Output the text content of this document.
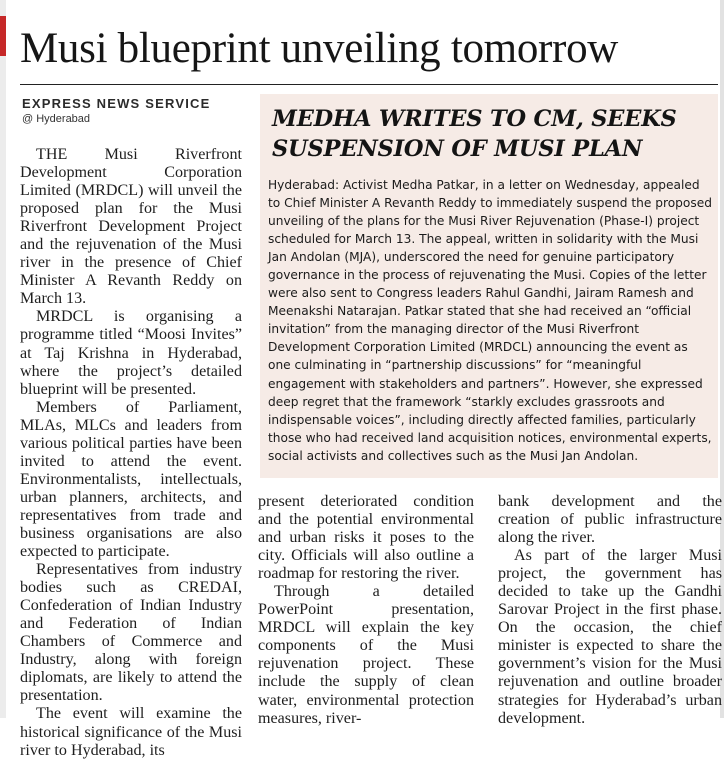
Musi blueprint unveiling tomorrow
EXPRESS NEWS SERVICE
@ Hyderabad

THE Musi Riverfront Development Corporation Limited (MRDCL) will unveil the proposed plan for the Musi Riverfront Development Project and the rejuvenation of the Musi river in the presence of Chief Minister A Revanth Reddy on March 13.

MRDCL is organising a programme titled “Moosi Invites” at Taj Krishna in Hyderabad, where the project’s detailed blueprint will be presented.

Members of Parliament, MLAs, MLCs and leaders from various political parties have been invited to attend the event. Environmentalists, intellectuals, urban planners, architects, and representatives from trade and business organisations are also expected to participate.

Representatives from industry bodies such as CREDAI, Confederation of Indian Industry and Federation of Indian Chambers of Commerce and Industry, along with foreign diplomats, are likely to attend the presentation.

The event will examine the historical significance of the Musi river to Hyderabad, its

MEDHA WRITES TO CM, SEEKS SUSPENSION OF MUSI PLAN
Hyderabad: Activist Medha Patkar, in a letter on Wednesday, appealed to Chief Minister A Revanth Reddy to immediately suspend the proposed unveiling of the plans for the Musi River Rejuvenation (Phase-I) project scheduled for March 13. The appeal, written in solidarity with the Musi Jan Andolan (MJA), underscored the need for genuine participatory governance in the process of rejuvenating the Musi. Copies of the letter were also sent to Congress leaders Rahul Gandhi, Jairam Ramesh and Meenakshi Natarajan. Patkar stated that she had received an “official invitation” from the managing director of the Musi Riverfront Development Corporation Limited (MRDCL) announcing the event as one culminating in “partnership discussions” for “meaningful engagement with stakeholders and partners”. However, she expressed deep regret that the framework “starkly excludes grassroots and indispensable voices”, including directly affected families, particularly those who had received land acquisition notices, environmental experts, social activists and collectives such as the Musi Jan Andolan.

present deteriorated condition and the potential environmental and urban risks it poses to the city. Officials will also outline a roadmap for restoring the river.

Through a detailed PowerPoint presentation, MRDCL will explain the key components of the Musi rejuvenation project. These include the supply of clean water, environmental protection measures, river-

bank development and the creation of public infrastructure along the river.

As part of the larger Musi project, the government has decided to take up the Gandhi Sarovar Project in the first phase. On the occasion, the chief minister is expected to share the government’s vision for the Musi rejuvenation and outline broader strategies for Hyderabad’s urban development.
